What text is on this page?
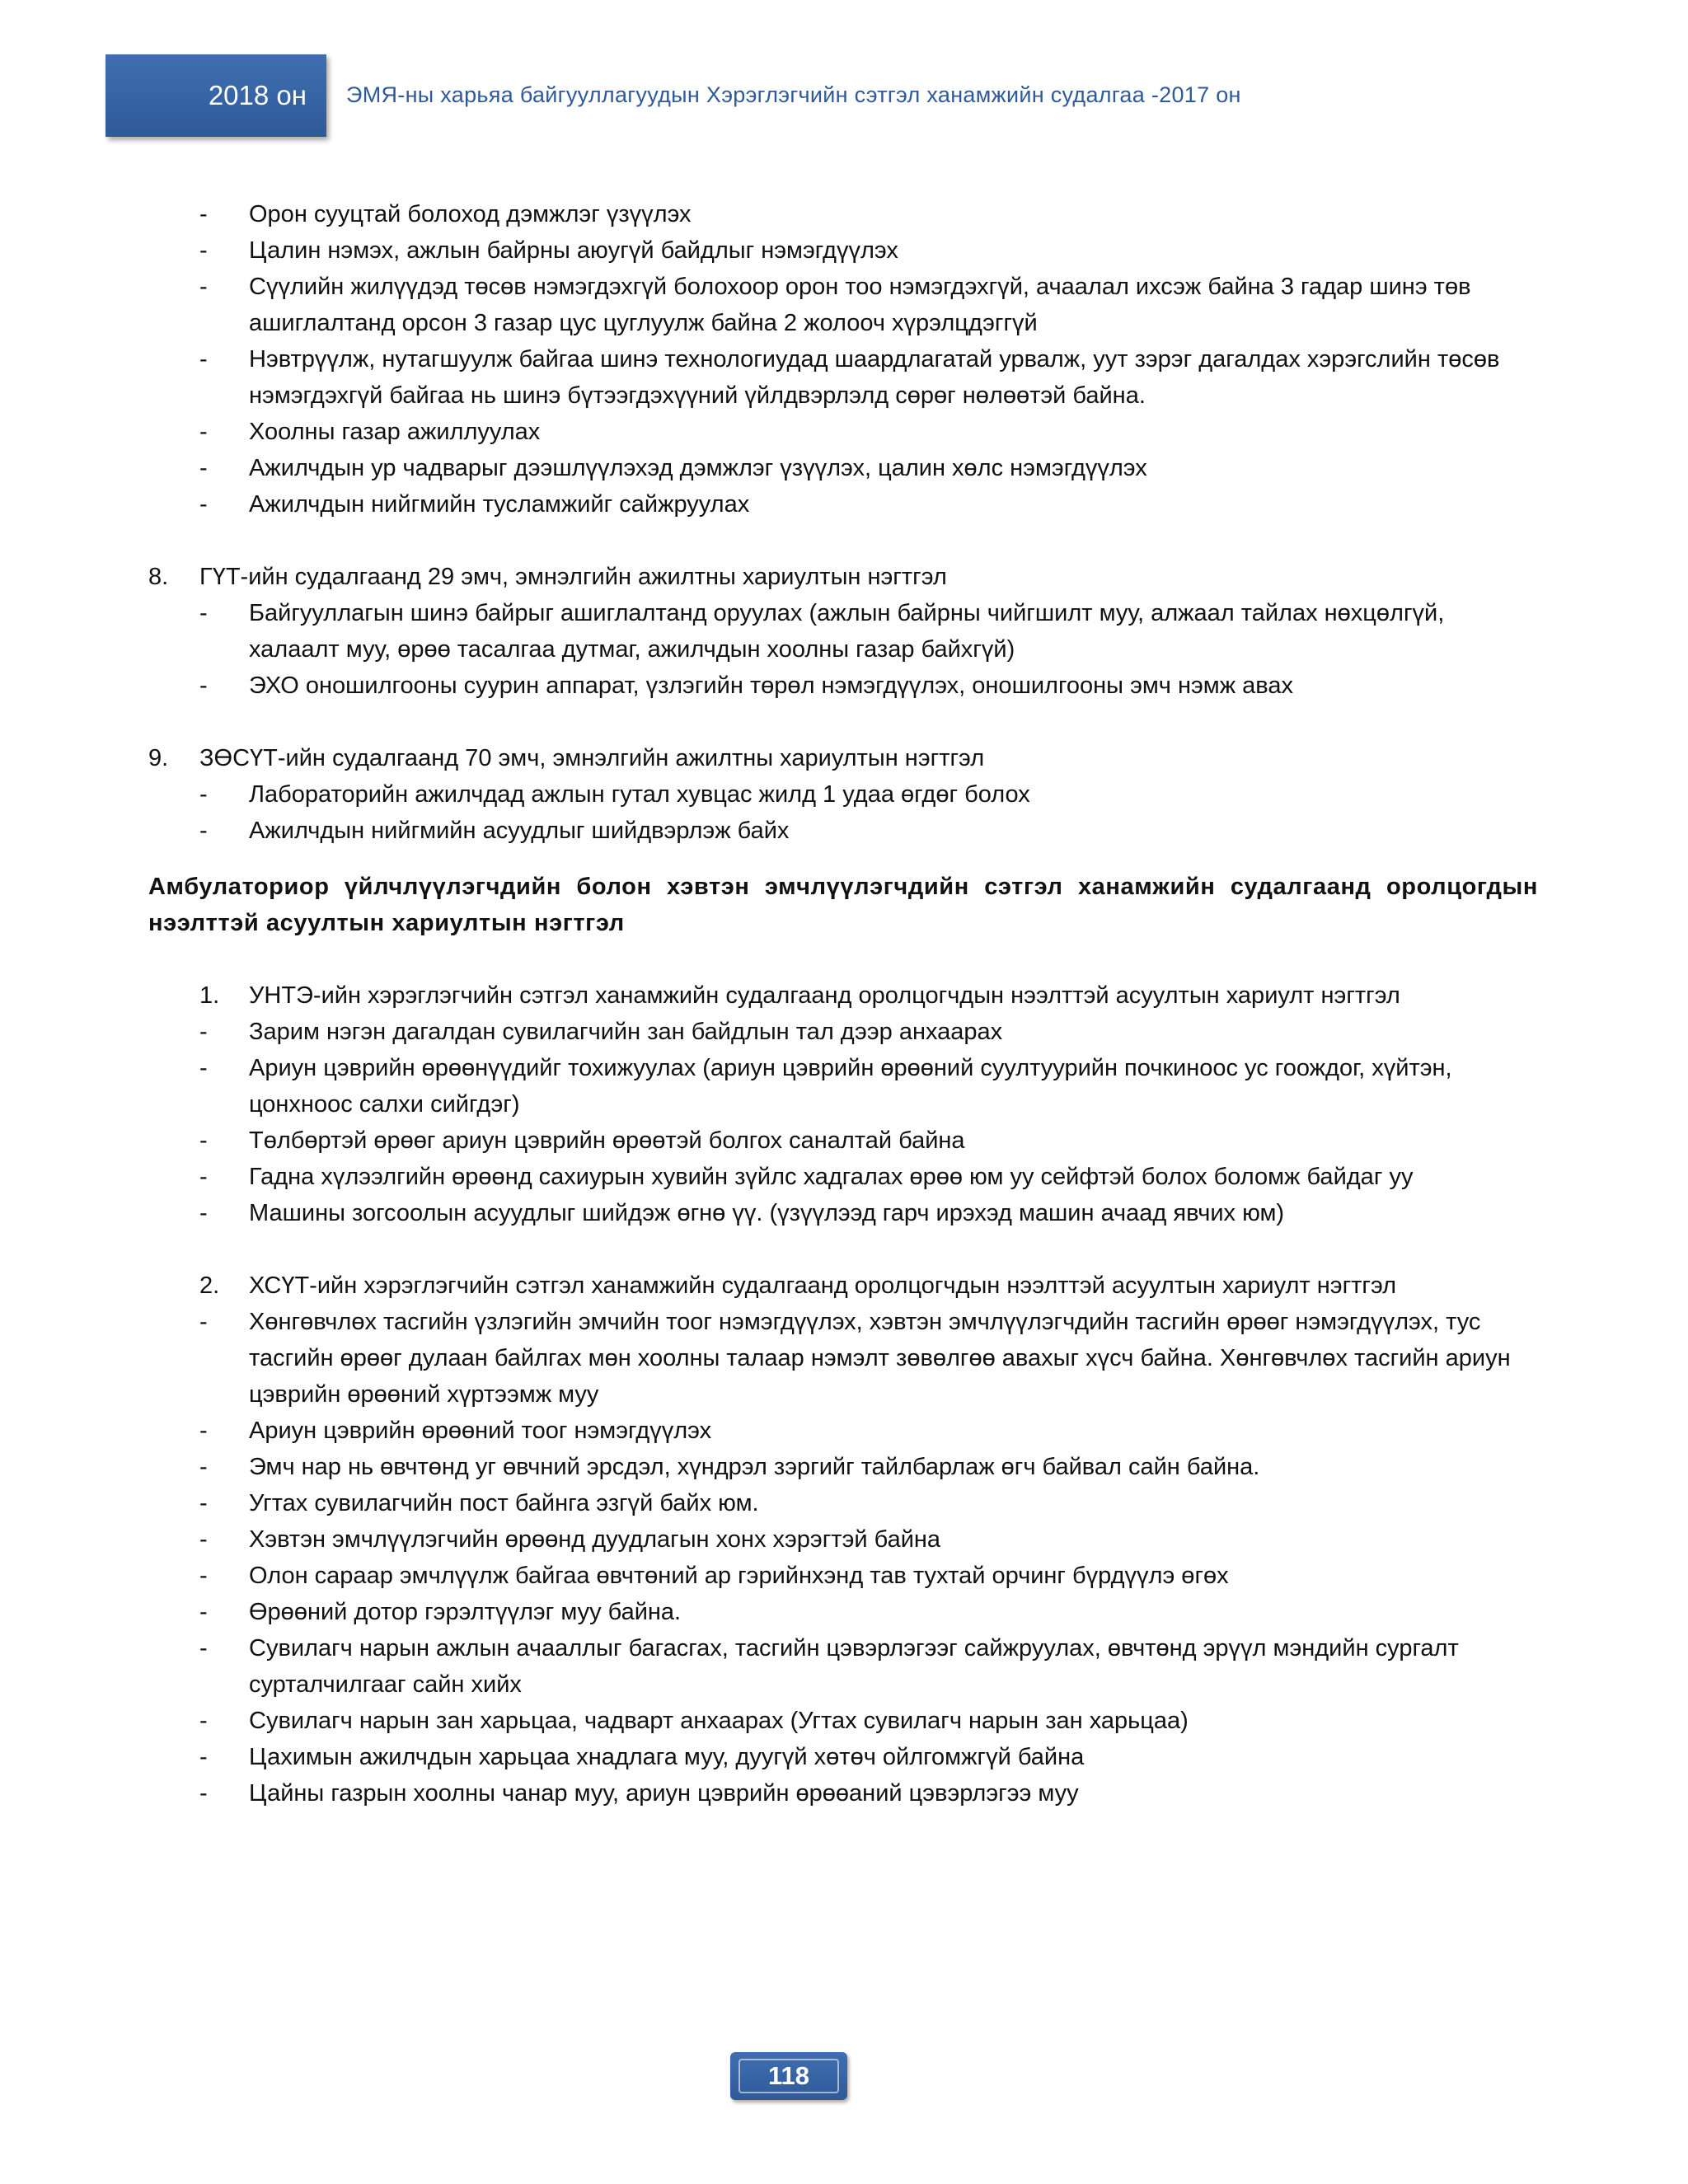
2018 он	ЭМЯ-ны харьяа байгууллагуудын Хэрэглэгчийн сэтгэл ханамжийн судалгаа -2017 он
- Орон сууцтай болоход дэмжлэг үзүүлэх
- Цалин нэмэх, ажлын байрны аюугүй байдлыг нэмэгдүүлэх
- Сүүлийн жилүүдэд төсөв нэмэгдэхгүй болохоор орон тоо нэмэгдэхгүй, ачаалал ихсэж байна 3 гадар шинэ төв ашиглалтанд орсон 3 газар цус цуглуулж байна 2 жолооч хүрэлцдэггүй
- Нэвтрүүлж, нутагшуулж байгаа шинэ технологиудад шаардлагатай урвалж, уут зэрэг дагалдах хэрэгслийн төсөв нэмэгдэхгүй байгаа нь шинэ бүтээгдэхүүний үйлдвэрлэлд сөрөг нөлөөтэй байна.
- Хоолны газар ажиллуулах
- Ажилчдын ур чадварыг дээшлүүлэхэд дэмжлэг үзүүлэх, цалин хөлс нэмэгдүүлэх
- Ажилчдын нийгмийн тусламжийг сайжруулах
8. ГҮТ-ийн судалгаанд 29 эмч, эмнэлгийн ажилтны хариултын нэгтгэл
- Байгууллагын шинэ байрыг ашиглалтанд оруулах (ажлын байрны чийгшилт муу, алжаал тайлах нөхцөлгүй, халаалт муу, өрөө тасалгаа дутмаг, ажилчдын хоолны газар байхгүй)
- ЭХО оношилгооны суурин аппарат, үзлэгийн төрөл нэмэгдүүлэх, оношилгооны эмч нэмж авах
9. ЗӨСҮТ-ийн судалгаанд 70 эмч, эмнэлгийн ажилтны хариултын нэгтгэл
- Лабораторийн ажилчдад ажлын гутал хувцас жилд 1 удаа өгдөг болох
- Ажилчдын нийгмийн асуудлыг шийдвэрлэж байх
Амбулаториор үйлчлүүлэгчдийн болон хэвтэн эмчлүүлэгчдийн сэтгэл ханамжийн судалгаанд оролцогдын нээлттэй асуултын хариултын нэгтгэл
1. УНТЭ-ийн хэрэглэгчийн сэтгэл ханамжийн судалгаанд оролцогчдын нээлттэй асуултын хариулт нэгтгэл
- Зарим нэгэн дагалдан сувилагчийн зан байдлын тал дээр анхаарах
- Ариун цэврийн өрөөнүүдийг тохижуулах (ариун цэврийн өрөөний суултуурийн почкиноос ус гоождог, хүйтэн, цонхноос салхи сийгдэг)
- Төлбөртэй өрөөг ариун цэврийн өрөөтэй болгох саналтай байна
- Гадна хүлээлгийн өрөөнд сахиурын хувийн зүйлс хадгалах өрөө юм уу сейфтэй болох боломж байдаг уу
- Машины зогсоолын асуудлыг шийдэж өгнө үү. (үзүүлээд гарч ирэхэд машин ачаад явчих юм)
2. ХСҮТ-ийн хэрэглэгчийн сэтгэл ханамжийн судалгаанд оролцогчдын нээлттэй асуултын хариулт нэгтгэл
- Хөнгөвчлөх тасгийн үзлэгийн эмчийн тоог нэмэгдүүлэх, хэвтэн эмчлүүлэгчдийн тасгийн өрөөг нэмэгдүүлэх, тус тасгийн өрөөг дулаан байлгах мөн хоолны талаар нэмэлт зөвөлгөө авахыг хүсч байна. Хөнгөвчлөх тасгийн ариун цэврийн өрөөний хүртээмж муу
- Ариун цэврийн өрөөний тоог нэмэгдүүлэх
- Эмч нар нь өвчтөнд уг өвчний эрсдэл, хүндрэл зэргийг тайлбарлаж өгч байвал сайн байна.
- Угтах сувилагчийн пост байнга эзгүй байх юм.
- Хэвтэн эмчлүүлэгчийн өрөөнд дуудлагын хонх хэрэгтэй байна
- Олон сараар эмчлүүлж байгаа өвчтөний ар гэрийнхэнд тав тухтай орчинг бүрдүүлэ өгөх
- Өрөөний дотор гэрэлтүүлэг муу байна.
- Сувилагч нарын ажлын ачааллыг багасгах, тасгийн цэвэрлэгээг сайжруулах, өвчтөнд эрүүл мэндийн сургалт сурталчилгааг сайн хийх
- Сувилагч нарын зан харьцаа, чадварт анхаарах (Угтах сувилагч нарын зан харьцаа)
- Цахимын ажилчдын харьцаа хнадлага муу, дуугүй хөтөч ойлгомжгүй байна
- Цайны газрын хоолны чанар муу, ариун цэврийн өрөөаний цэвэрлэгээ муу
118
